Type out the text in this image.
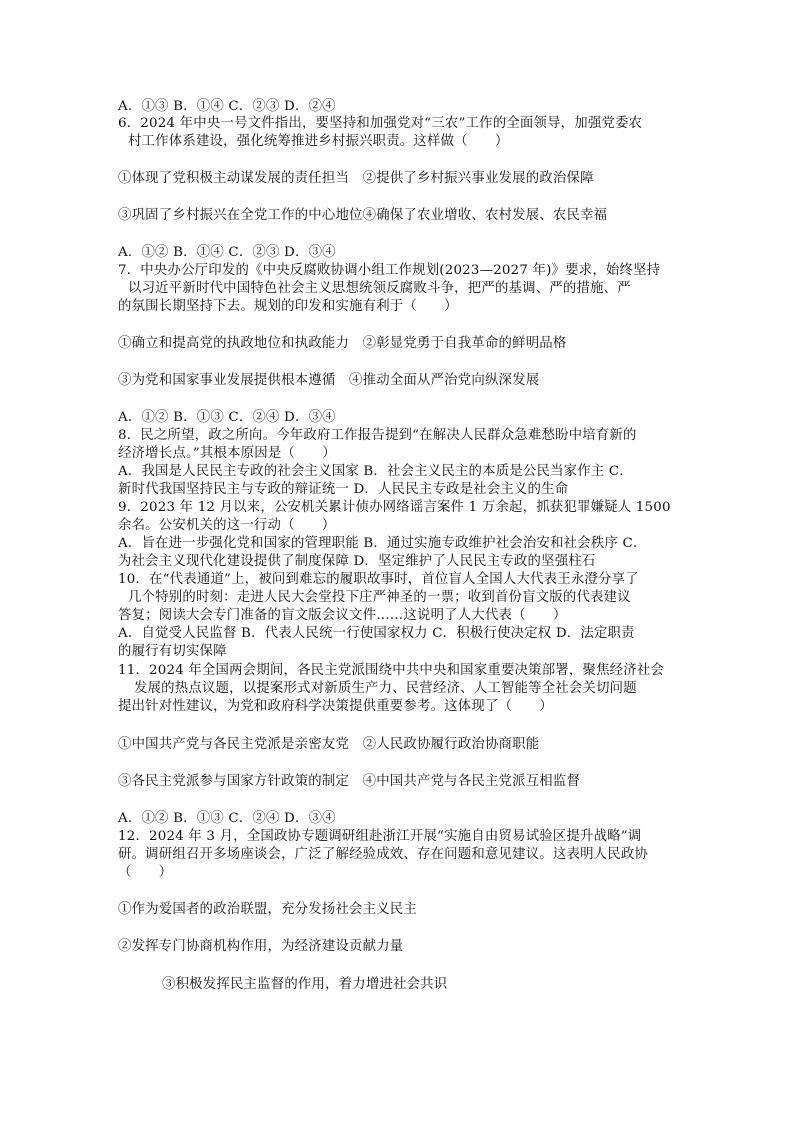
A．①③ B．①④ C．②③ D．②④
6．2024 年中央一号文件指出，要坚持和加强党对“三农”工作的全面领导，加强党委农
村工作体系建设，强化统筹推进乡村振兴职责。这样做（　　）
①体现了党积极主动谋发展的责任担当　②提供了乡村振兴事业发展的政治保障
③巩固了乡村振兴在全党工作的中心地位④确保了农业增收、农村发展、农民幸福
A．①② B．①④ C．②③ D．③④
7．中央办公厅印发的《中央反腐败协调小组工作规划(2023—2027 年)》要求，始终坚持
以习近平新时代中国特色社会主义思想统领反腐败斗争，把严的基调、严的措施、严
的氛围长期坚持下去。规划的印发和实施有利于（　　）
①确立和提高党的执政地位和执政能力　②彰显党勇于自我革命的鲜明品格
③为党和国家事业发展提供根本遵循　④推动全面从严治党向纵深发展
A．①② B．①③ C．②④ D．③④
8．民之所望，政之所向。今年政府工作报告提到“在解决人民群众急难愁盼中培育新的
经济增长点。”其根本原因是（　　）
A．我国是人民民主专政的社会主义国家 B．社会主义民主的本质是公民当家作主 C．
新时代我国坚持民主与专政的辩证统一 D．人民民主专政是社会主义的生命
9．2023 年 12 月以来，公安机关累计侦办网络谣言案件 1 万余起，抓获犯罪嫌疑人 1500
余名。公安机关的这一行动（　　）
A．旨在进一步强化党和国家的管理职能 B．通过实施专政维护社会治安和社会秩序 C．
为社会主义现代化建设提供了制度保障 D．坚定维护了人民民主专政的坚强柱石
10．在“代表通道”上，被问到难忘的履职故事时，首位盲人全国人大代表王永澄分享了
几个特别的时刻：走进人民大会堂投下庄严神圣的一票；收到首份盲文版的代表建议
答复；阅读大会专门准备的盲文版会议文件……这说明了人大代表（　　）
A．自觉受人民监督 B．代表人民统一行使国家权力 C．积极行使决定权 D．法定职责
的履行有切实保障
11．2024 年全国两会期间，各民主党派围绕中共中央和国家重要决策部署，聚焦经济社会
发展的热点议题，以提案形式对新质生产力、民营经济、人工智能等全社会关切问题
提出针对性建议，为党和政府科学决策提供重要参考。这体现了（　　）
①中国共产党与各民主党派是亲密友党　②人民政协履行政治协商职能
③各民主党派参与国家方针政策的制定　④中国共产党与各民主党派互相监督
A．①② B．①③ C．②④ D．③④
12．2024 年 3 月，全国政协专题调研组赴浙江开展“实施自由贸易试验区提升战略”调
研。调研组召开多场座谈会，广泛了解经验成效、存在问题和意见建议。这表明人民政协
（　　）
①作为爱国者的政治联盟，充分发扬社会主义民主
②发挥专门协商机构作用，为经济建设贡献力量
③积极发挥民主监督的作用，着力增进社会共识
